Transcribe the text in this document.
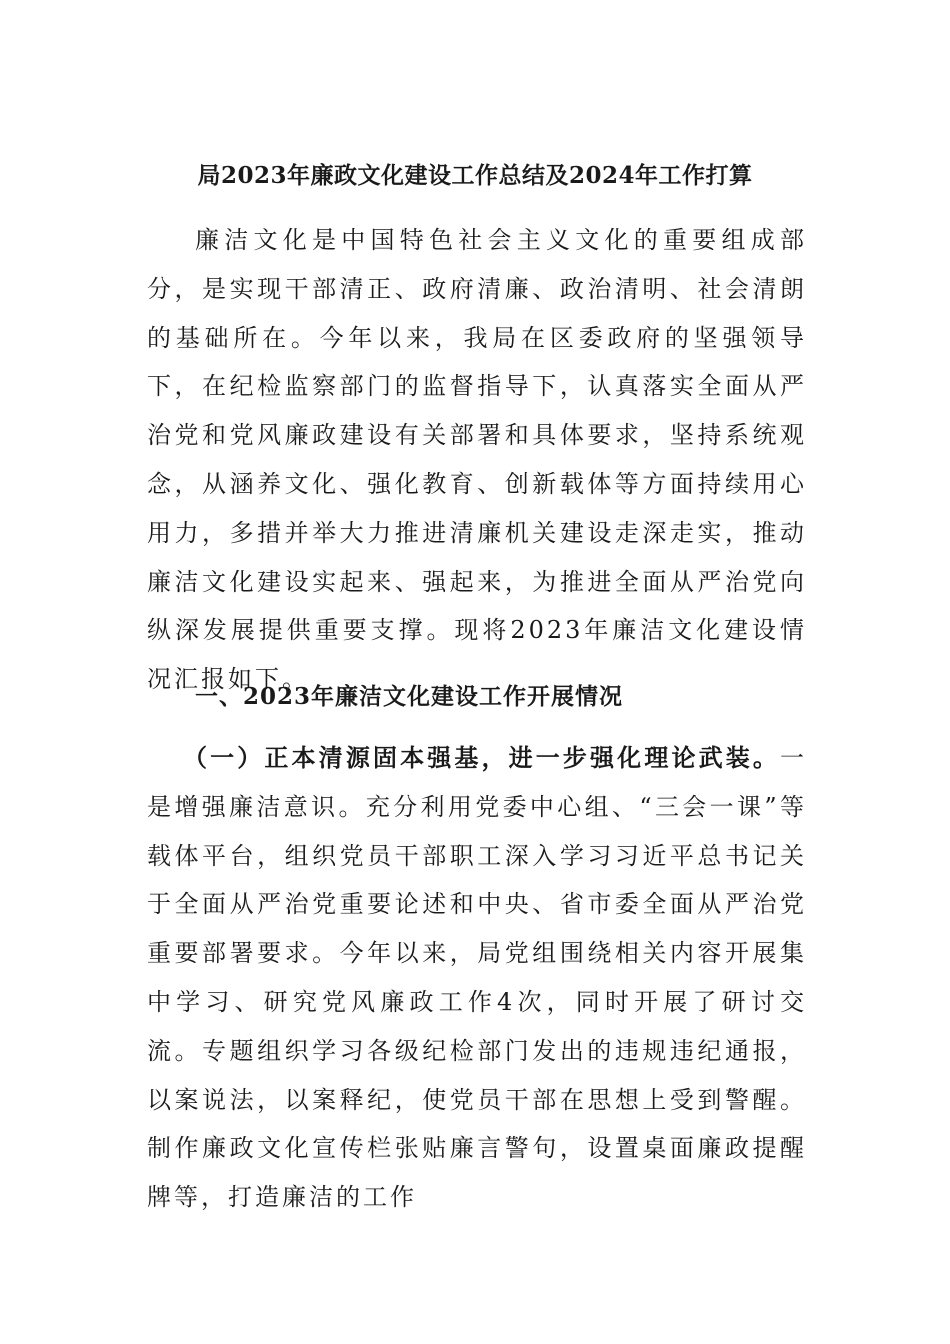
局2023年廉政文化建设工作总结及2024年工作打算

廉洁文化是中国特色社会主义文化的重要组成部分，是实现干部清正、政府清廉、政治清明、社会清朗的基础所在。今年以来，我局在区委政府的坚强领导下，在纪检监察部门的监督指导下，认真落实全面从严治党和党风廉政建设有关部署和具体要求，坚持系统观念，从涵养文化、强化教育、创新载体等方面持续用心用力，多措并举大力推进清廉机关建设走深走实，推动廉洁文化建设实起来、强起来，为推进全面从严治党向纵深发展提供重要支撑。现将2023年廉洁文化建设情况汇报如下。

一、2023年廉洁文化建设工作开展情况

（一）正本清源固本强基，进一步强化理论武装。一是增强廉洁意识。充分利用党委中心组、“三会一课”等载体平台，组织党员干部职工深入学习习近平总书记关于全面从严治党重要论述和中央、省市委全面从严治党重要部署要求。今年以来，局党组围绕相关内容开展集中学习、研究党风廉政工作4次，同时开展了研讨交流。专题组织学习各级纪检部门发出的违规违纪通报，以案说法，以案释纪，使党员干部在思想上受到警醒。制作廉政文化宣传栏张贴廉言警句，设置桌面廉政提醒牌等，打造廉洁的工作
